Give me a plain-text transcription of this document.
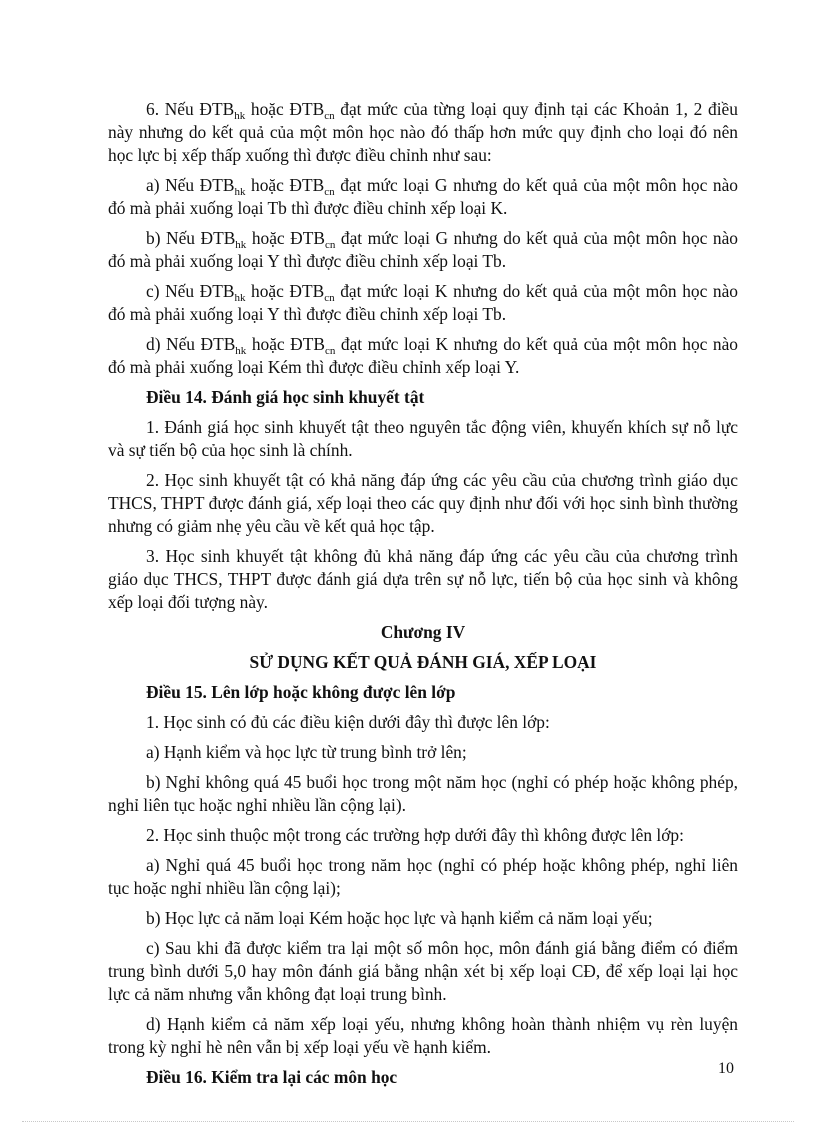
6. Nếu $ĐTB_{hk}$ hoặc $ĐTB_{cn}$ đạt mức của từng loại quy định tại các Khoản 1, 2 điều này nhưng do kết quả của một môn học nào đó thấp hơn mức quy định cho loại đó nên học lực bị xếp thấp xuống thì được điều chỉnh như sau:

a) Nếu $ĐTB_{hk}$ hoặc $ĐTB_{cn}$ đạt mức loại G nhưng do kết quả của một môn học nào đó mà phải xuống loại Tb thì được điều chỉnh xếp loại K.

b) Nếu $ĐTB_{hk}$ hoặc $ĐTB_{cn}$ đạt mức loại G nhưng do kết quả của một môn học nào đó mà phải xuống loại Y thì được điều chỉnh xếp loại Tb.

c) Nếu $ĐTB_{hk}$ hoặc $ĐTB_{cn}$ đạt mức loại K nhưng do kết quả của một môn học nào đó mà phải xuống loại Y thì được điều chỉnh xếp loại Tb.

d) Nếu $ĐTB_{hk}$ hoặc $ĐTB_{cn}$ đạt mức loại K nhưng do kết quả của một môn học nào đó mà phải xuống loại Kém thì được điều chỉnh xếp loại Y.

Điều 14. Đánh giá học sinh khuyết tật

1. Đánh giá học sinh khuyết tật theo nguyên tắc động viên, khuyến khích sự nỗ lực và sự tiến bộ của học sinh là chính.

2. Học sinh khuyết tật có khả năng đáp ứng các yêu cầu của chương trình giáo dục THCS, THPT được đánh giá, xếp loại theo các quy định như đối với học sinh bình thường nhưng có giảm nhẹ yêu cầu về kết quả học tập.

3. Học sinh khuyết tật không đủ khả năng đáp ứng các yêu cầu của chương trình giáo dục THCS, THPT được đánh giá dựa trên sự nỗ lực, tiến bộ của học sinh và không xếp loại đối tượng này.

Chương IV

SỬ DỤNG KẾT QUẢ ĐÁNH GIÁ, XẾP LOẠI

Điều 15. Lên lớp hoặc không được lên lớp

1. Học sinh có đủ các điều kiện dưới đây thì được lên lớp:

a) Hạnh kiểm và học lực từ trung bình trở lên;

b) Nghỉ không quá 45 buổi học trong một năm học (nghỉ có phép hoặc không phép, nghỉ liên tục hoặc nghỉ nhiều lần cộng lại).

2. Học sinh thuộc một trong các trường hợp dưới đây thì không được lên lớp:

a) Nghỉ quá 45 buổi học trong năm học (nghỉ có phép hoặc không phép, nghỉ liên tục hoặc nghỉ nhiều lần cộng lại);

b) Học lực cả năm loại Kém hoặc học lực và hạnh kiểm cả năm loại yếu;

c) Sau khi đã được kiểm tra lại một số môn học, môn đánh giá bằng điểm có điểm trung bình dưới 5,0 hay môn đánh giá bằng nhận xét bị xếp loại CĐ, để xếp loại lại học lực cả năm nhưng vẫn không đạt loại trung bình.

d) Hạnh kiểm cả năm xếp loại yếu, nhưng không hoàn thành nhiệm vụ rèn luyện trong kỳ nghỉ hè nên vẫn bị xếp loại yếu về hạnh kiểm.

Điều 16. Kiểm tra lại các môn học	10
